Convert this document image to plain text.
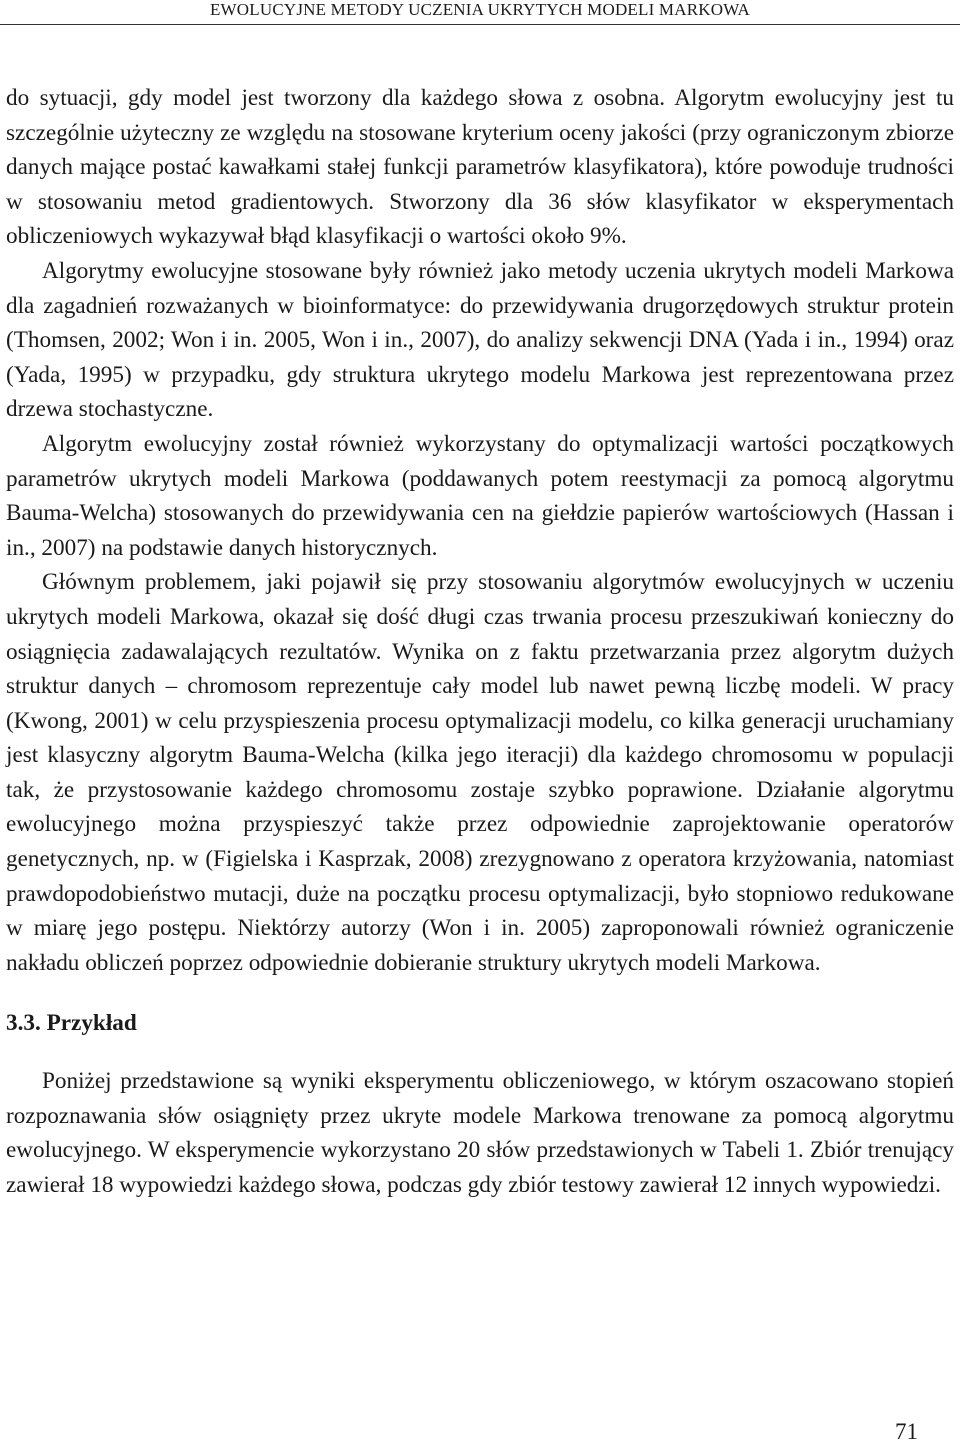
EWOLUCYJNE METODY UCZENIA UKRYTYCH MODELI MARKOWA

do sytuacji, gdy model jest tworzony dla każdego słowa z osobna. Algorytm ewolucyjny jest tu szczególnie użyteczny ze względu na stosowane kryterium oceny jakości (przy ograniczonym zbiorze danych mające postać kawałkami stałej funkcji parametrów klasyfikatora), które powoduje trudności w stosowaniu metod gradientowych. Stworzony dla 36 słów klasyfikator w eksperymentach obliczeniowych wykazywał błąd klasyfikacji o wartości około 9%.

Algorytmy ewolucyjne stosowane były również jako metody uczenia ukrytych modeli Markowa dla zagadnień rozważanych w bioinformatyce: do przewidywania drugorzędowych struktur protein (Thomsen, 2002; Won i in. 2005, Won i in., 2007), do analizy sekwencji DNA (Yada i in., 1994) oraz (Yada, 1995) w przypadku, gdy struktura ukrytego modelu Markowa jest reprezentowana przez drzewa stochastyczne.

Algorytm ewolucyjny został również wykorzystany do optymalizacji wartości początkowych parametrów ukrytych modeli Markowa (poddawanych potem reestymacji za pomocą algorytmu Bauma-Welcha) stosowanych do przewidywania cen na giełdzie papierów wartościowych (Hassan i in., 2007) na podstawie danych historycznych.

Głównym problemem, jaki pojawił się przy stosowaniu algorytmów ewolucyjnych w uczeniu ukrytych modeli Markowa, okazał się dość długi czas trwania procesu przeszukiwań konieczny do osiągnięcia zadawalających rezultatów. Wynika on z faktu przetwarzania przez algorytm dużych struktur danych – chromosom reprezentuje cały model lub nawet pewną liczbę modeli. W pracy (Kwong, 2001) w celu przyspieszenia procesu optymalizacji modelu, co kilka generacji uruchamiany jest klasyczny algorytm Bauma-Welcha (kilka jego iteracji) dla każdego chromosomu w populacji tak, że przystosowanie każdego chromosomu zostaje szybko poprawione. Działanie algorytmu ewolucyjnego można przyspieszyć także przez odpowiednie zaprojektowanie operatorów genetycznych, np. w (Figielska i Kasprzak, 2008) zrezygnowano z operatora krzyżowania, natomiast prawdopodobieństwo mutacji, duże na początku procesu optymalizacji, było stopniowo redukowane w miarę jego postępu. Niektórzy autorzy (Won i in. 2005) zaproponowali również ograniczenie nakładu obliczeń poprzez odpowiednie dobieranie struktury ukrytych modeli Markowa.

3.3. Przykład

Poniżej przedstawione są wyniki eksperymentu obliczeniowego, w którym oszacowano stopień rozpoznawania słów osiągnięty przez ukryte modele Markowa trenowane za pomocą algorytmu ewolucyjnego. W eksperymencie wykorzystano 20 słów przedstawionych w Tabeli 1. Zbiór trenujący zawierał 18 wypowiedzi każdego słowa, podczas gdy zbiór testowy zawierał 12 innych wypowiedzi.

71
